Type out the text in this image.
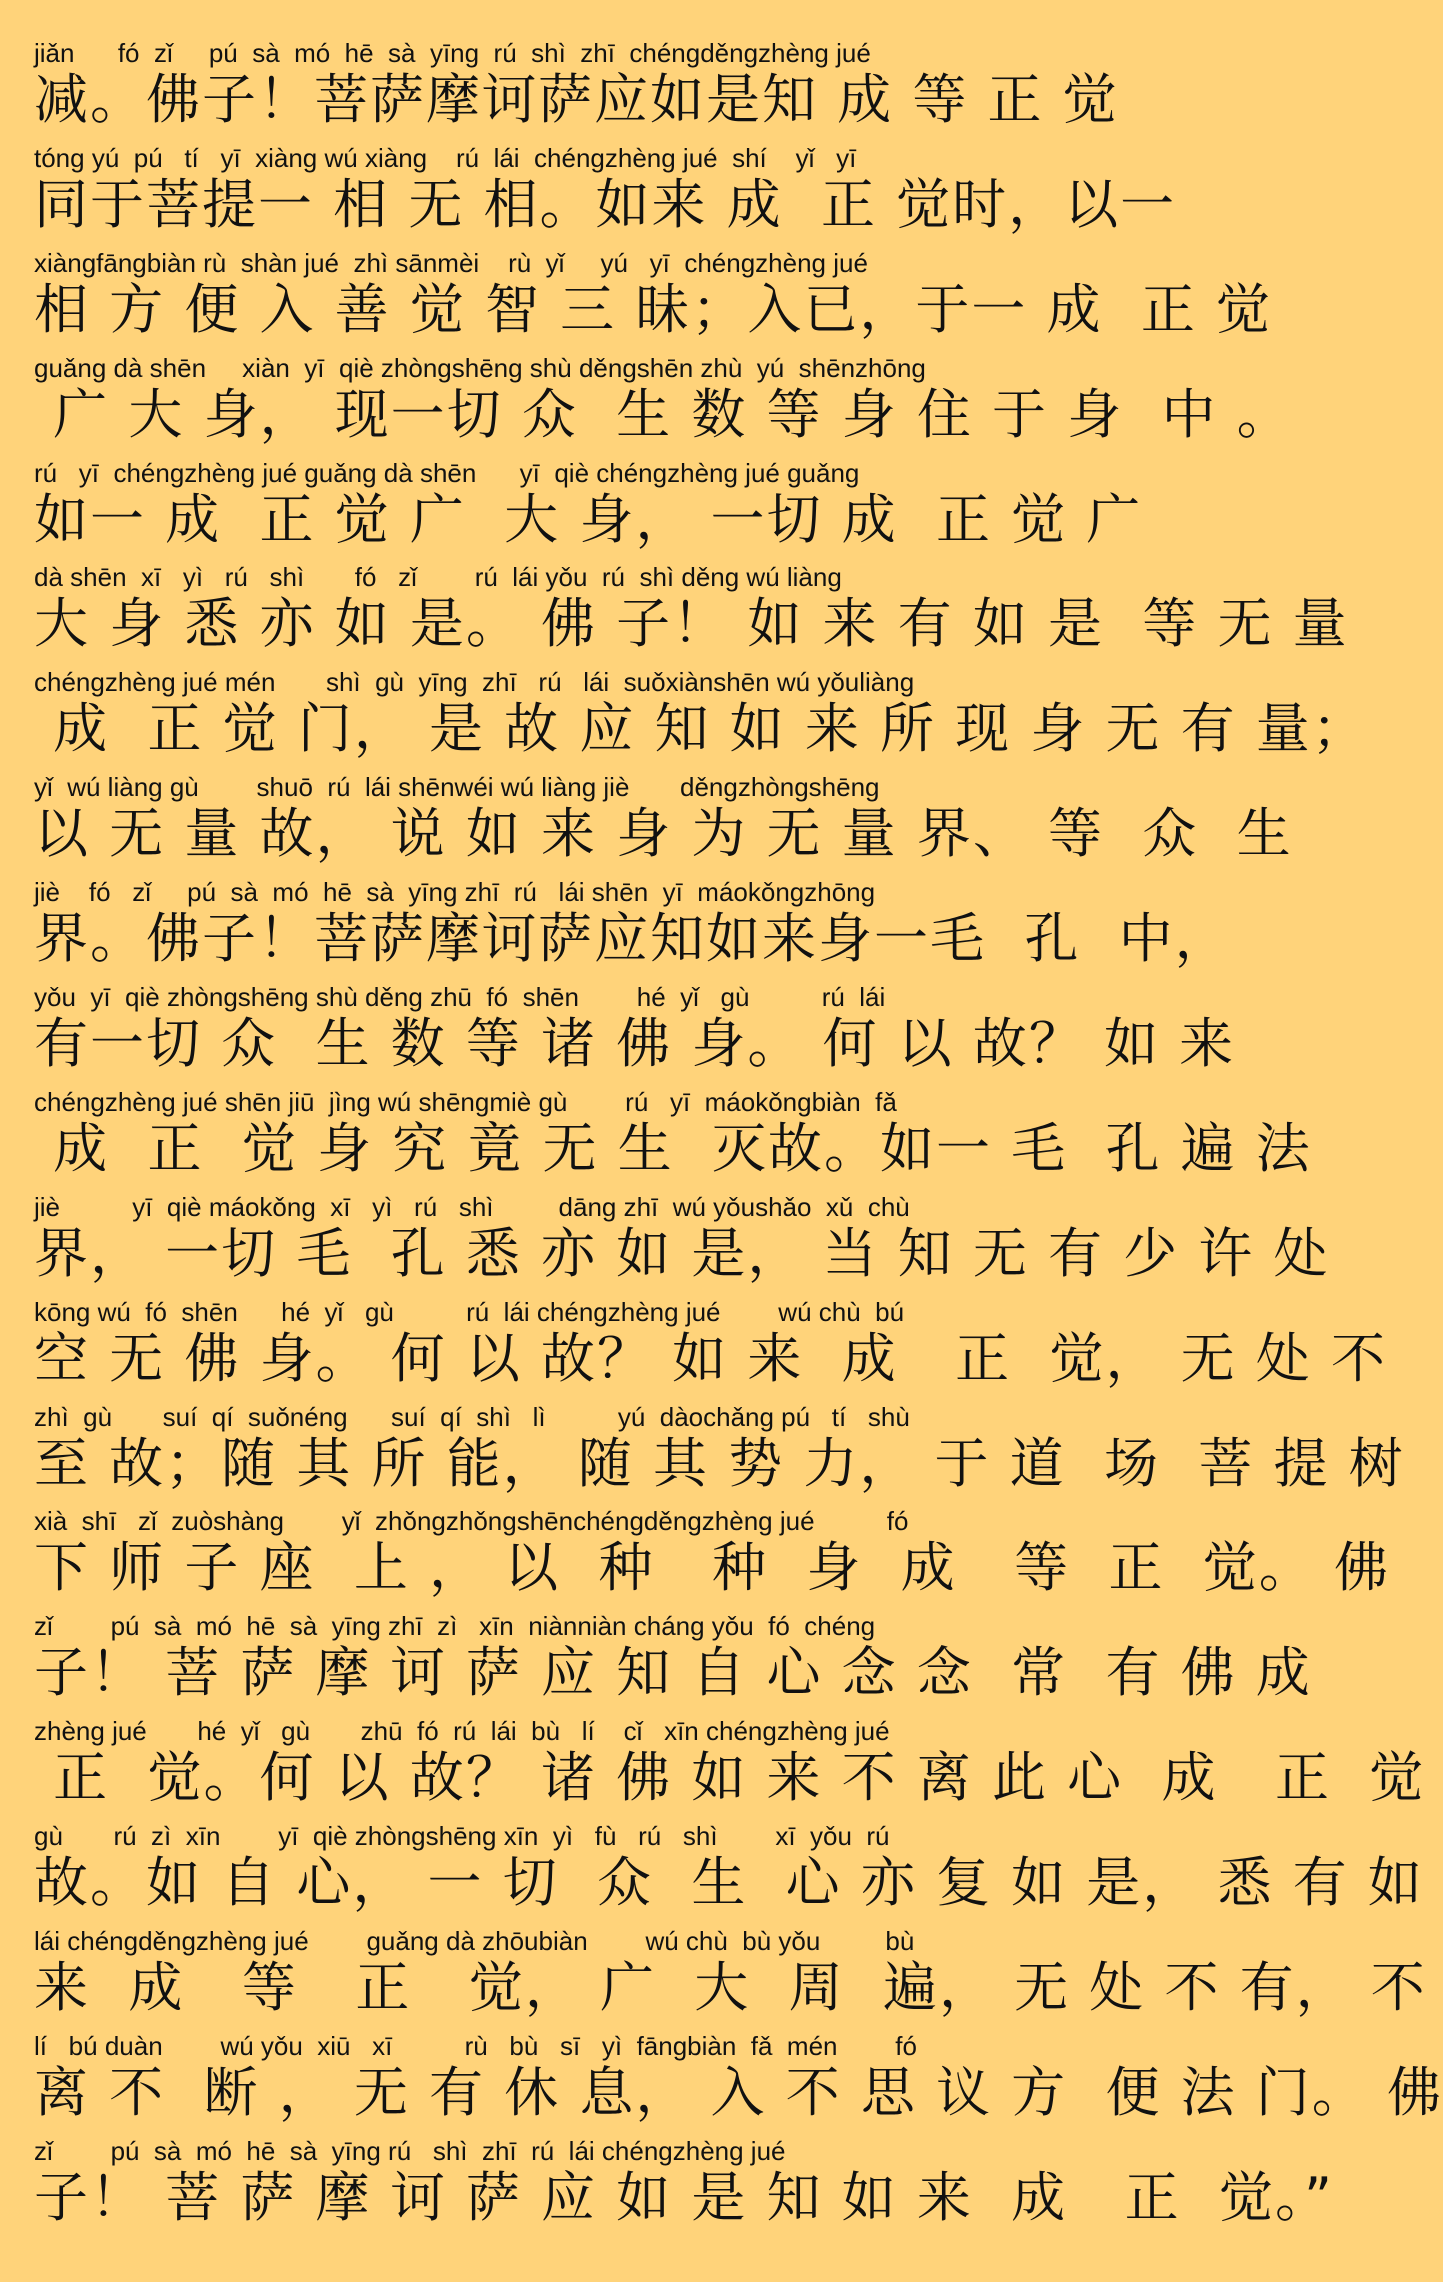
jiǎn      fó  zǐ     pú  sà  mó  hē  sà  yīng  rú  shì  zhī  chéngděngzhèng jué
减。佛子！菩萨摩诃萨应如是知 成 等 正 觉
tóng yú  pú   tí   yī  xiàng wú xiàng    rú  lái  chéngzhèng jué  shí    yǐ   yī
同于菩提一 相 无 相。如来 成  正 觉时，以一
xiàngfāngbiàn rù  shàn jué  zhì sānmèi    rù  yǐ     yú   yī  chéngzhèng jué
相 方 便 入 善 觉 智 三 昧；入已，于一 成  正 觉
guǎng dà shēn     xiàn  yī  qiè zhòngshēng shù děngshēn zhù  yú  shēnzhōng
广 大 身， 现一切 众  生 数 等 身 住 于 身  中 。
rú   yī  chéngzhèng jué guǎng dà shēn      yī  qiè chéngzhèng jué guǎng
如一 成  正 觉 广  大 身， 一切 成  正 觉 广
dà shēn  xī   yì   rú   shì       fó   zǐ        rú  lái yǒu  rú  shì děng wú liàng
大 身 悉 亦 如 是。 佛 子！ 如 来 有 如 是  等 无 量
chéngzhèng jué mén       shì  gù  yīng  zhī   rú   lái  suǒxiànshēn wú yǒuliàng
成  正 觉 门， 是 故 应 知 如 来 所 现 身 无 有 量；
yǐ  wú liàng gù        shuō  rú  lái shēnwéi wú liàng jiè       děngzhòngshēng
以 无 量 故， 说 如 来 身 为 无 量 界、 等  众  生
jiè    fó   zǐ     pú  sà  mó  hē  sà  yīng zhī  rú   lái shēn  yī  máokǒngzhōng
界。佛子！菩萨摩诃萨应知如来身一毛  孔  中，
yǒu  yī  qiè zhòngshēng shù děng zhū  fó  shēn        hé  yǐ   gù          rú  lái
有一切 众  生 数 等 诸 佛 身。 何 以 故？ 如 来
chéngzhèng jué shēn jiū  jìng wú shēngmiè gù        rú   yī  máokǒngbiàn  fǎ
成  正  觉 身 究 竟 无 生  灭故。如一 毛  孔 遍 法
jiè          yī  qiè máokǒng  xī   yì   rú   shì         dāng zhī  wú yǒushǎo  xǔ  chù
界， 一切 毛  孔 悉 亦 如 是， 当 知 无 有 少 许 处
kōng wú  fó  shēn      hé  yǐ   gù          rú  lái chéngzhèng jué        wú chù  bú
空 无 佛 身。 何 以 故？ 如 来  成   正  觉， 无 处 不
zhì  gù       suí  qí  suǒnéng      suí  qí  shì   lì          yú  dàochǎng pú   tí   shù
至 故；随 其 所 能， 随 其 势 力， 于 道  场  菩 提 树
xià  shī   zǐ  zuòshàng        yǐ  zhǒngzhǒngshēnchéngděngzhèng jué          fó
下 师 子 座  上 ， 以  种   种  身  成   等  正  觉。 佛
zǐ        pú  sà  mó  hē  sà  yīng zhī  zì   xīn  niànniàn cháng yǒu  fó  chéng
子！ 菩 萨 摩 诃 萨 应 知 自 心 念 念  常  有 佛 成
zhèng jué       hé  yǐ   gù       zhū  fó  rú  lái  bù   lí    cǐ   xīn chéngzhèng jué
正  觉。何 以 故？ 诸 佛 如 来 不 离 此 心  成   正  觉
gù       rú  zì  xīn        yī  qiè zhòngshēng xīn  yì   fù   rú   shì        xī  yǒu  rú
故。如 自 心， 一 切  众  生  心 亦 复 如 是， 悉 有 如
lái chéngděngzhèng jué        guǎng dà zhōubiàn        wú chù  bù yǒu         bù
来  成   等   正   觉， 广  大  周  遍， 无 处 不 有， 不
lí   bú duàn        wú yǒu  xiū   xī          rù   bù   sī   yì  fāngbiàn  fǎ  mén        fó
离 不  断 ， 无 有 休 息， 入 不 思 议 方  便 法 门。 佛
zǐ        pú  sà  mó  hē  sà  yīng rú   shì  zhī  rú  lái chéngzhèng jué
子！ 菩 萨 摩 诃 萨 应 如 是 知 如 来  成   正  觉。”
